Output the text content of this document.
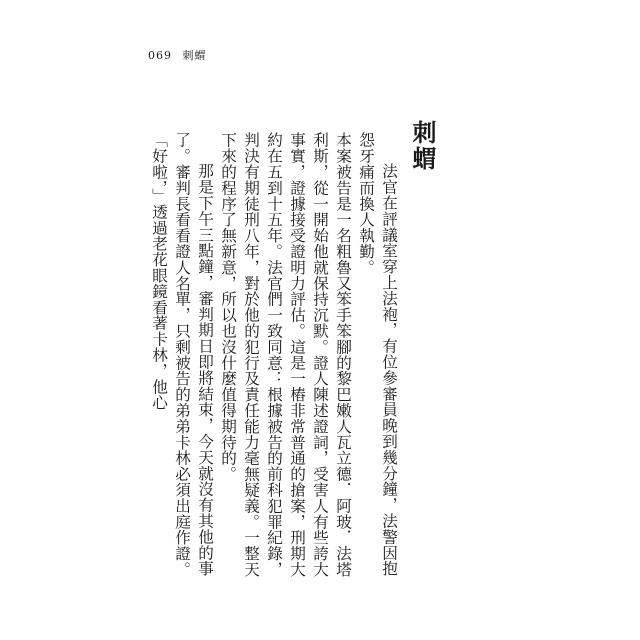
069 刺蝟
刺蝟

法官在評議室穿上法袍，有位參審員晚到幾分鐘，法警因抱怨牙痛而換人執勤。

本案被告是一名粗魯又笨手笨腳的黎巴嫩人瓦立德．阿玻．法塔利斯，從一開始他就保持沉默。證人陳述證詞，受害人有些誇大事實，證據接受證明力評估。這是一樁非常普通的搶案，刑期大約在五到十五年。法官們一致同意：根據被告的前科犯罪紀錄，判決有期徒刑八年，對於他的犯行及責任能力毫無疑義。一整天下來的程序了無新意，所以也沒什麼值得期待的。

那是下午三點鐘，審判期日即將結束，今天就沒有其他的事了。審判長看看證人名單，只剩被告的弟弟卡林必須出庭作證。「好啦，」透過老花眼鏡看著卡林，他心
